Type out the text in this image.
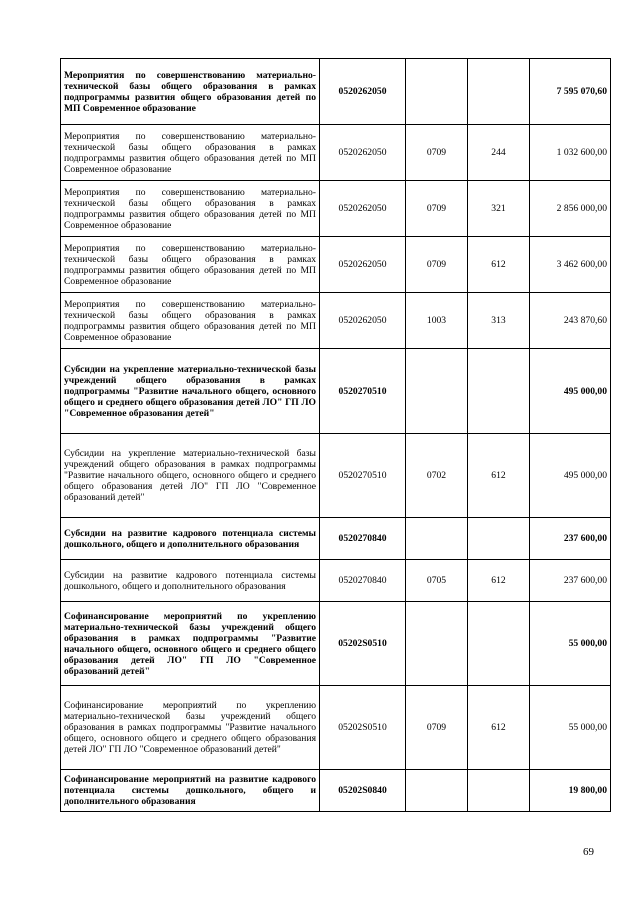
Мероприятия по совершенствованию материально-технической базы общего образования в рамках подпрограммы развития общего образования детей по МП Современное образование	0520262050			7 595 070,60
Мероприятия по совершенствованию материально-технической базы общего образования в рамках подпрограммы развития общего образования детей по МП Современное образование	0520262050	0709	244	1 032 600,00
Мероприятия по совершенствованию материально-технической базы общего образования в рамках подпрограммы развития общего образования детей по МП Современное образование	0520262050	0709	321	2 856 000,00
Мероприятия по совершенствованию материально-технической базы общего образования в рамках подпрограммы развития общего образования детей по МП Современное образование	0520262050	0709	612	3 462 600,00
Мероприятия по совершенствованию материально-технической базы общего образования в рамках подпрограммы развития общего образования детей по МП Современное образование	0520262050	1003	313	243 870,60
Субсидии на укрепление материально-технической базы учреждений общего образования в рамках подпрограммы "Развитие начального общего, основного общего и среднего общего образования детей ЛО" ГП ЛО "Современное образования детей"	0520270510			495 000,00
Субсидии на укрепление материально-технической базы учреждений общего образования в рамках подпрограммы "Развитие начального общего, основного общего и среднего общего образования детей ЛО" ГП ЛО "Современное образований детей"	0520270510	0702	612	495 000,00
Субсидии на развитие кадрового потенциала системы дошкольного, общего и дополнительного образования	0520270840			237 600,00
Субсидии на развитие кадрового потенциала системы дошкольного, общего и дополнительного образования	0520270840	0705	612	237 600,00
Софинансирование мероприятий по укреплению материально-технической базы учреждений общего образования в рамках подпрограммы "Развитие начального общего, основного общего и среднего общего образования детей ЛО" ГП ЛО "Современное образований детей"	05202S0510			55 000,00
Софинансирование мероприятий по укреплению материально-технической базы учреждений общего образования в рамках подпрограммы "Развитие начального общего, основного общего и среднего общего образования детей ЛО" ГП ЛО "Современное образований детей"	05202S0510	0709	612	55 000,00
Софинансирование мероприятий на развитие кадрового потенциала системы дошкольного, общего и дополнительного образования	05202S0840			19 800,00
69
